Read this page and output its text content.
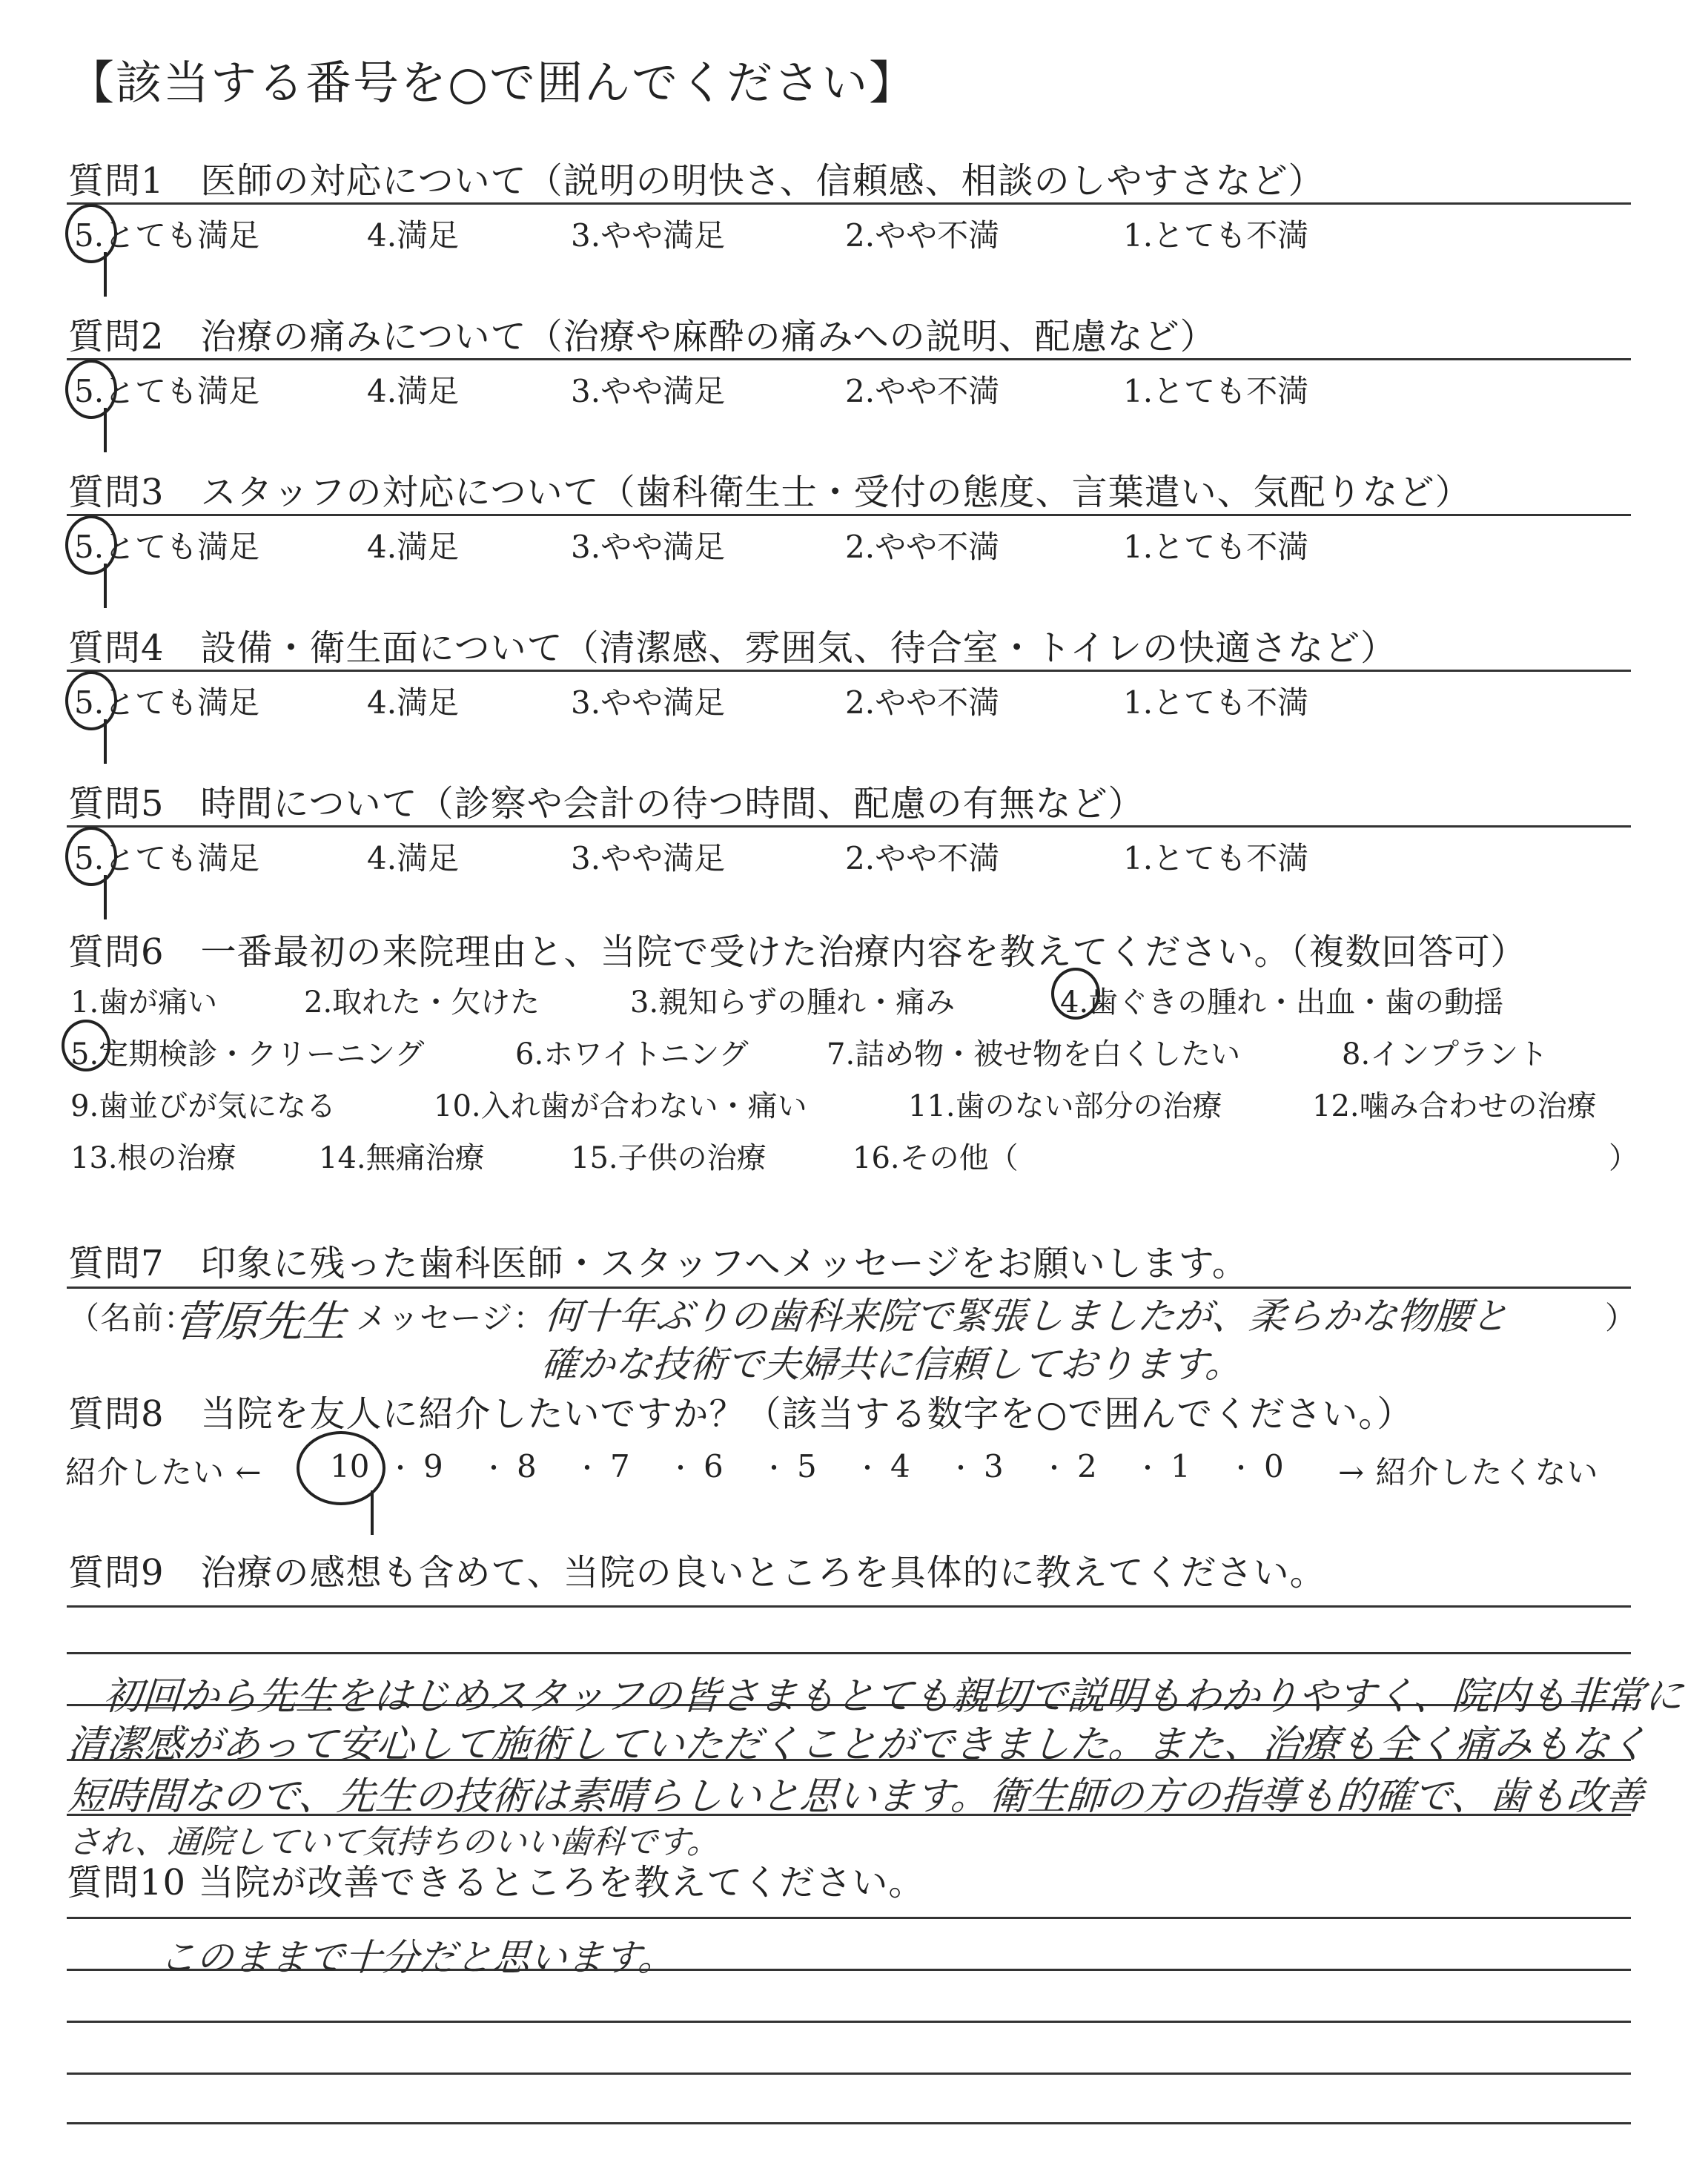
【該当する番号を○で囲んでください】
質問1　医師の対応について（説明の明快さ、信頼感、相談のしやすさなど）
5.とても満足	4.満足	3.やや満足	2.やや不満	1.とても不満
質問2　治療の痛みについて（治療や麻酔の痛みへの説明、配慮など）
5.とても満足	4.満足	3.やや満足	2.やや不満	1.とても不満
質問3　スタッフの対応について（歯科衛生士・受付の態度、言葉遣い、気配りなど）
5.とても満足	4.満足	3.やや満足	2.やや不満	1.とても不満
質問4　設備・衛生面について（清潔感、雰囲気、待合室・トイレの快適さなど）
5.とても満足	4.満足	3.やや満足	2.やや不満	1.とても不満
質問5　時間について（診察や会計の待つ時間、配慮の有無など）
5.とても満足	4.満足	3.やや満足	2.やや不満	1.とても不満
質問6　一番最初の来院理由と、当院で受けた治療内容を教えてください。（複数回答可）
1.歯が痛い	2.取れた・欠けた	3.親知らずの腫れ・痛み	4.歯ぐきの腫れ・出血・歯の動揺
5.定期検診・クリーニング	6.ホワイトニング	7.詰め物・被せ物を白くしたい	8.インプラント
9.歯並びが気になる	10.入れ歯が合わない・痛い	11.歯のない部分の治療	12.噛み合わせの治療
13.根の治療	14.無痛治療	15.子供の治療	16.その他（	）
質問7　印象に残った歯科医師・スタッフへメッセージをお願いします。
（名前：
菅原先生 メッセージ：
何十年ぶりの歯科来院で緊張しましたが、柔らかな物腰と	）
確かな技術で夫婦共に信頼しております。
質問8　当院を友人に紹介したいですか？（該当する数字を○で囲んでください。）
紹介したい ← 10 ・ 9 ・ 8 ・ 7 ・ 6 ・ 5 ・ 4 ・ 3 ・ 2 ・ 1 ・ 0 → 紹介したくない
質問9　治療の感想も含めて、当院の良いところを具体的に教えてください。
初回から先生をはじめスタッフの皆さまもとても親切で説明もわかりやすく、院内も非常に
清潔感があって安心して施術していただくことができました。また、治療も全く痛みもなく
短時間なので、先生の技術は素晴らしいと思います。衛生師の方の指導も的確で、歯も改善
され、通院していて気持ちのいい歯科です。
質問10 当院が改善できるところを教えてください。
このままで十分だと思います。
